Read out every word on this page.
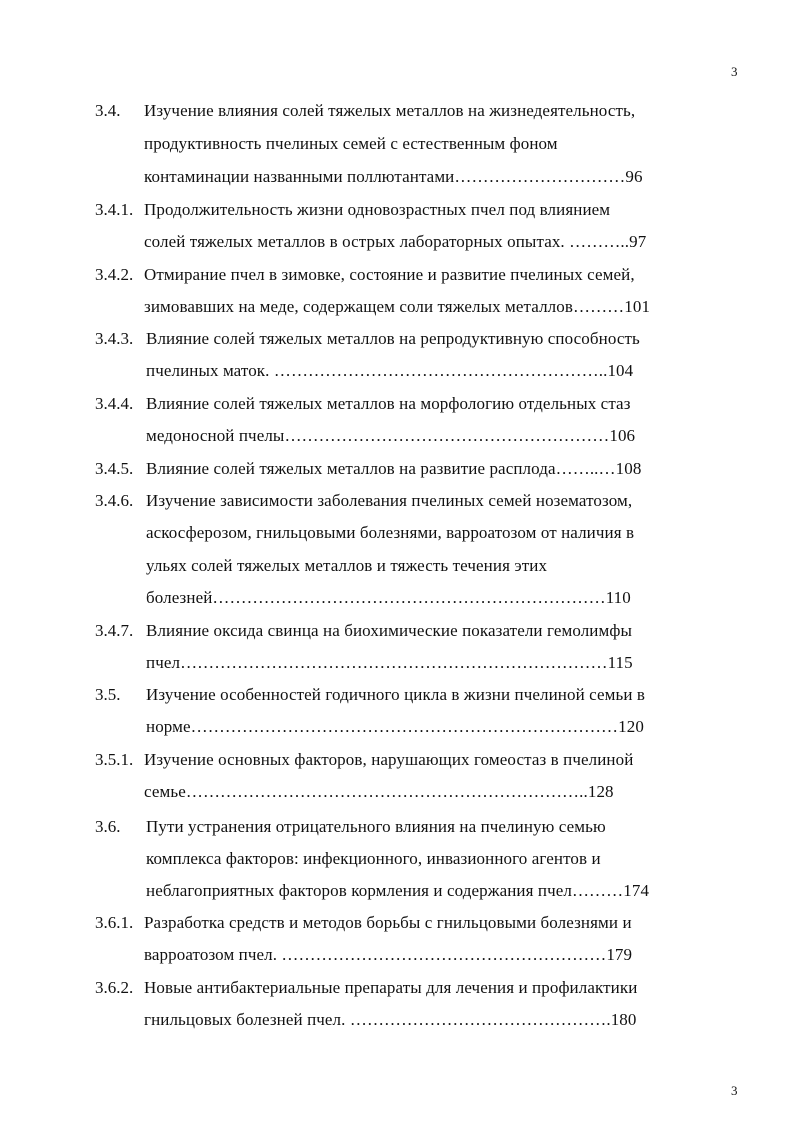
3
3.4. Изучение влияния солей тяжелых металлов на жизнедеятельность,
продуктивность пчелиных семей с естественным фоном
контаминации названными поллютантами…………………………96
3.4.1. Продолжительность жизни одновозрастных пчел под влиянием
солей тяжелых металлов в острых лабораторных опытах. ………..97
3.4.2. Отмирание пчел в зимовке, состояние и развитие пчелиных семей,
зимовавших на меде, содержащем соли тяжелых металлов………101
3.4.3. Влияние солей тяжелых металлов на репродуктивную способность
пчелиных маток. …………………………………………………..104
3.4.4. Влияние солей тяжелых металлов на морфологию отдельных стаз
медоносной пчелы…………………………………………………106
3.4.5. Влияние солей тяжелых металлов на развитие расплода……..…108
3.4.6. Изучение зависимости заболевания пчелиных семей нозематозом,
аскосферозом, гнильцовыми болезнями, варроатозом от наличия в
ульях солей тяжелых металлов и тяжесть течения этих
болезней……………………………………………………………110
3.4.7. Влияние оксида свинца на биохимические показатели гемолимфы
пчел…………………………………………………………………115
3.5. Изучение особенностей годичного цикла в жизни пчелиной семьи в
норме…………………………………………………………………120
3.5.1. Изучение основных факторов, нарушающих гомеостаз в пчелиной
семье……………………………………………………………..128
3.6. Пути устранения отрицательного влияния на пчелиную семью
комплекса факторов: инфекционного, инвазионного агентов и
неблагоприятных факторов кормления и содержания пчел………174
3.6.1. Разработка средств и методов борьбы с гнильцовыми болезнями и
варроатозом пчел. …………………………………………………179
3.6.2. Новые антибактериальные препараты для лечения и профилактики
гнильцовых болезней пчел. ……………………………………….180
3
